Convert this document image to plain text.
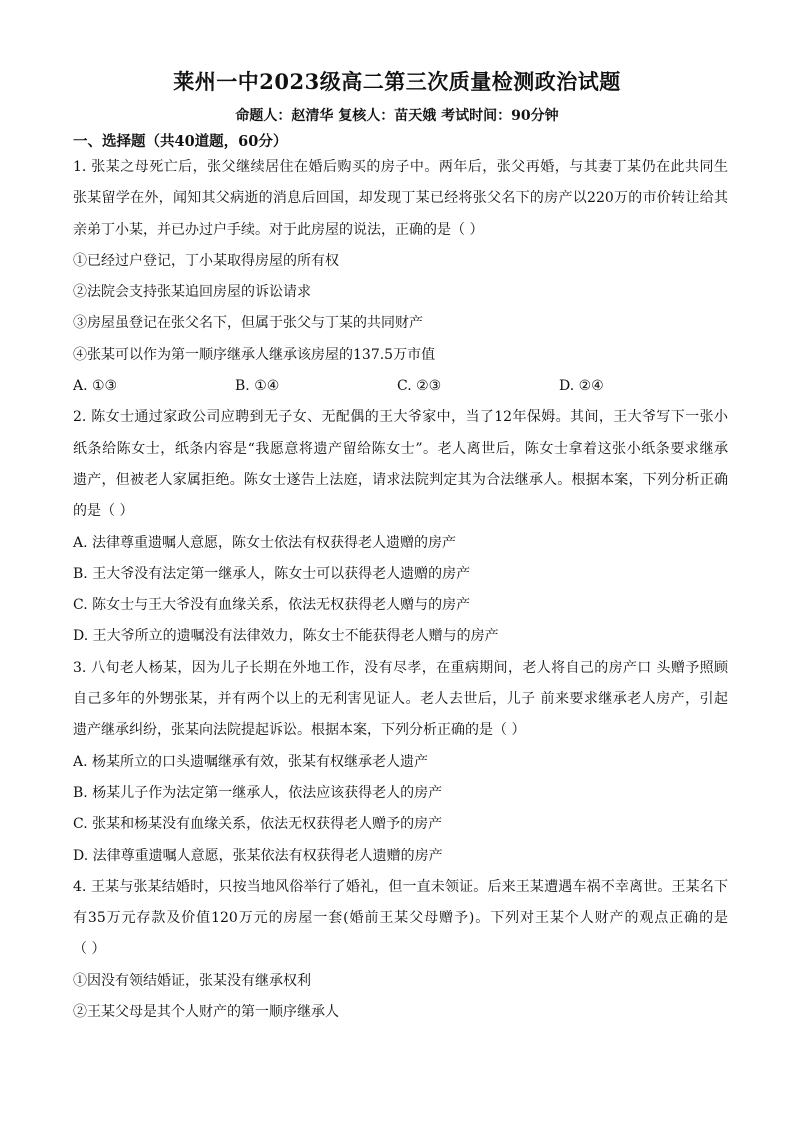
莱州一中2023级高二第三次质量检测政治试题
命题人：赵清华 复核人：苗天娥 考试时间：90分钟
一、选择题（共40道题，60分）
1. 张某之母死亡后，张父继续居住在婚后购买的房子中。两年后，张父再婚，与其妻丁某仍在此共同生
张某留学在外，闻知其父病逝的消息后回国，却发现丁某已经将张父名下的房产以220万的市价转让给其
亲弟丁小某，并已办过户手续。对于此房屋的说法，正确的是（ ）
①已经过户登记，丁小某取得房屋的所有权
②法院会支持张某追回房屋的诉讼请求
③房屋虽登记在张父名下，但属于张父与丁某的共同财产
④张某可以作为第一顺序继承人继承该房屋的137.5万市值
A. ①③	B. ①④	C. ②③	D. ②④
2. 陈女士通过家政公司应聘到无子女、无配偶的王大爷家中，当了12年保姆。其间，王大爷写下一张小
纸条给陈女士，纸条内容是“我愿意将遗产留给陈女士”。老人离世后，陈女士拿着这张小纸条要求继承
遗产，但被老人家属拒绝。陈女士遂告上法庭，请求法院判定其为合法继承人。根据本案，下列分析正确
的是（ ）
A. 法律尊重遗嘱人意愿，陈女士依法有权获得老人遗赠的房产
B. 王大爷没有法定第一继承人，陈女士可以获得老人遗赠的房产
C. 陈女士与王大爷没有血缘关系，依法无权获得老人赠与的房产
D. 王大爷所立的遗嘱没有法律效力，陈女士不能获得老人赠与的房产
3. 八旬老人杨某，因为儿子长期在外地工作，没有尽孝，在重病期间，老人将自己的房产口 头赠予照顾
自己多年的外甥张某，并有两个以上的无利害见证人。老人去世后，儿子 前来要求继承老人房产，引起
遗产继承纠纷，张某向法院提起诉讼。根据本案，下列分析正确的是（ ）
A. 杨某所立的口头遗嘱继承有效，张某有权继承老人遗产
B. 杨某儿子作为法定第一继承人，依法应该获得老人的房产
C. 张某和杨某没有血缘关系，依法无权获得老人赠予的房产
D. 法律尊重遗嘱人意愿，张某依法有权获得老人遗赠的房产
4. 王某与张某结婚时，只按当地风俗举行了婚礼，但一直未领证。后来王某遭遇车祸不幸离世。王某名下
有35万元存款及价值120万元的房屋一套(婚前王某父母赠予)。下列对王某个人财产的观点正确的是
（ ）
①因没有领结婚证，张某没有继承权利
②王某父母是其个人财产的第一顺序继承人
